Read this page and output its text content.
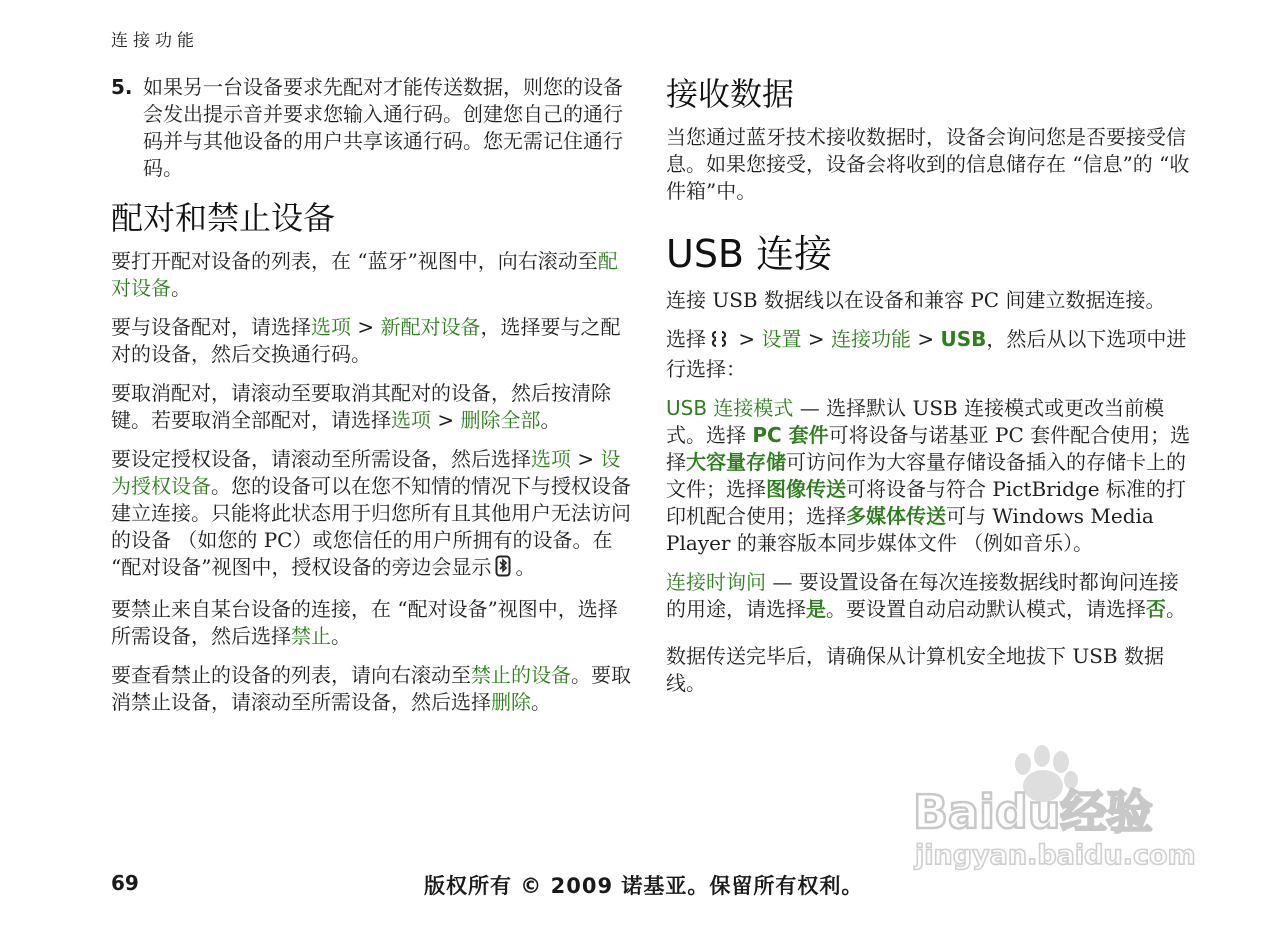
连接功能
5. 如果另一台设备要求先配对才能传送数据，则您的设备会发出提示音并要求您输入通行码。创建您自己的通行码并与其他设备的用户共享该通行码。您无需记住通行码。
配对和禁止设备

要打开配对设备的列表，在 “蓝牙”视图中，向右滚动至配对设备。

要与设备配对，请选择选项 > 新配对设备，选择要与之配对的设备，然后交换通行码。

要取消配对，请滚动至要取消其配对的设备，然后按清除键。若要取消全部配对，请选择选项 > 删除全部。

要设定授权设备，请滚动至所需设备，然后选择选项 > 设为授权设备。您的设备可以在您不知情的情况下与授权设备建立连接。只能将此状态用于归您所有且其他用户无法访问的设备 （如您的 PC）或您信任的用户所拥有的设备。在 “配对设备”视图中，授权设备的旁边会显示 。

要禁止来自某台设备的连接，在 “配对设备”视图中，选择所需设备，然后选择禁止。

要查看禁止的设备的列表，请向右滚动至禁止的设备。要取消禁止设备，请滚动至所需设备，然后选择删除。

接收数据

当您通过蓝牙技术接收数据时，设备会询问您是否要接受信息。如果您接受，设备会将收到的信息储存在 “信息”的 “收件箱”中。

USB 连接

连接 USB 数据线以在设备和兼容 PC 间建立数据连接。

选择 > 设置 > 连接功能 > USB，然后从以下选项中进行选择：

USB 连接模式 — 选择默认 USB 连接模式或更改当前模式。选择 PC 套件可将设备与诺基亚 PC 套件配合使用；选择大容量存储可访问作为大容量存储设备插入的存储卡上的文件；选择图像传送可将设备与符合 PictBridge 标准的打印机配合使用；选择多媒体传送可与 Windows Media Player 的兼容版本同步媒体文件 （例如音乐）。

连接时询问 — 要设置设备在每次连接数据线时都询问连接的用途，请选择是。要设置自动启动默认模式，请选择否。

数据传送完毕后，请确保从计算机安全地拔下 USB 数据线。

Baidu经验
jingyan.baidu.com
69	版权所有 © 2009 诺基亚。保留所有权利。
